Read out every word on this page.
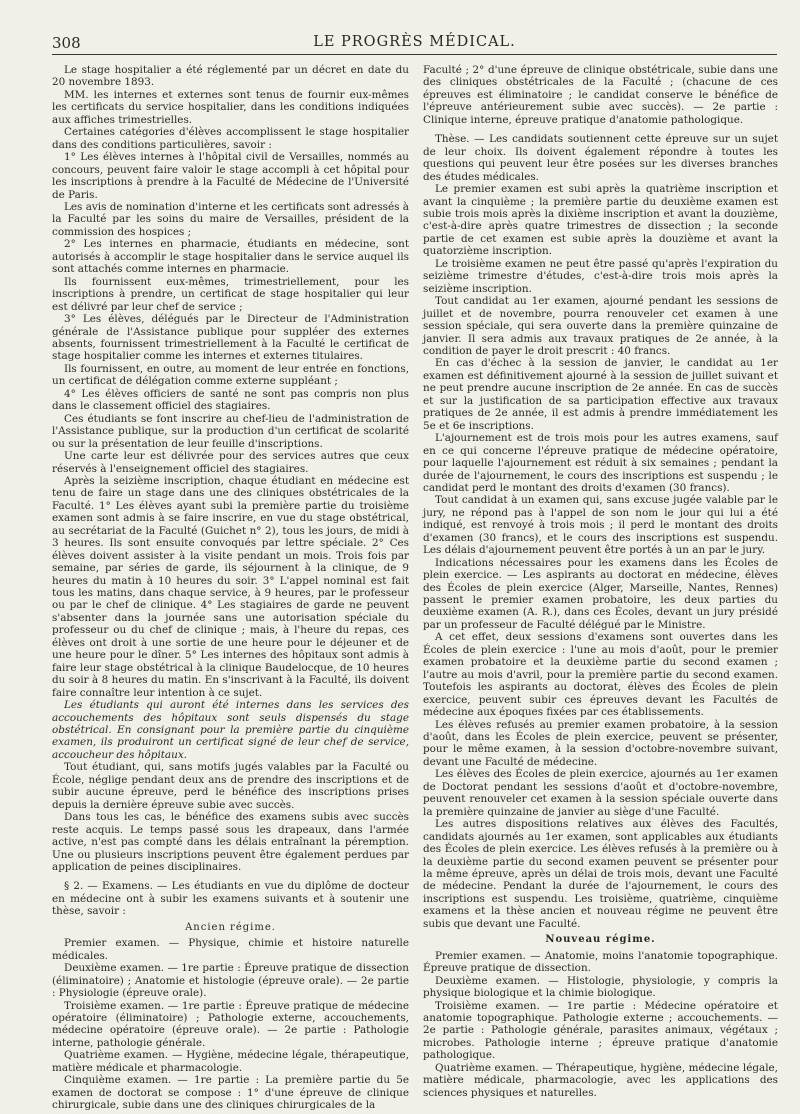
308	LE PROGRÈS MÉDICAL.

Le stage hospitalier a été réglementé par un décret en date du 20 novembre 1893.

MM. les internes et externes sont tenus de fournir eux-mêmes les certificats du service hospitalier, dans les conditions indiquées aux affiches trimestrielles.

Certaines catégories d'élèves accomplissent le stage hospitalier dans des conditions particulières, savoir :

1° Les élèves internes à l'hôpital civil de Versailles, nommés au concours, peuvent faire valoir le stage accompli à cet hôpital pour les inscriptions à prendre à la Faculté de Médecine de l'Université de Paris.

Les avis de nomination d'interne et les certificats sont adressés à la Faculté par les soins du maire de Versailles, président de la commission des hospices ;

2° Les internes en pharmacie, étudiants en médecine, sont autorisés à accomplir le stage hospitalier dans le service auquel ils sont attachés comme internes en pharmacie.

Ils fournissent eux-mêmes, trimestriellement, pour les inscriptions à prendre, un certificat de stage hospitalier qui leur est délivré par leur chef de service ;

3° Les élèves, délégués par le Directeur de l'Administration générale de l'Assistance publique pour suppléer des externes absents, fournissent trimestriellement à la Faculté le certificat de stage hospitalier comme les internes et externes titulaires.

Ils fournissent, en outre, au moment de leur entrée en fonctions, un certificat de délégation comme externe suppléant ;

4° Les élèves officiers de santé ne sont pas compris non plus dans le classement officiel des stagiaires.

Ces étudiants se font inscrire au chef-lieu de l'administration de l'Assistance publique, sur la production d'un certificat de scolarité ou sur la présentation de leur feuille d'inscriptions.

Une carte leur est délivrée pour des services autres que ceux réservés à l'enseignement officiel des stagiaires.

Après la seizième inscription, chaque étudiant en médecine est tenu de faire un stage dans une des cliniques obstétricales de la Faculté. 1° Les élèves ayant subi la première partie du troisième examen sont admis à se faire inscrire, en vue du stage obstétrical, au secrétariat de la Faculté (Guichet n° 2), tous les jours, de midi à 3 heures. Ils sont ensuite convoqués par lettre spéciale. 2° Ces élèves doivent assister à la visite pendant un mois. Trois fois par semaine, par séries de garde, ils séjournent à la clinique, de 9 heures du matin à 10 heures du soir. 3° L'appel nominal est fait tous les matins, dans chaque service, à 9 heures, par le professeur ou par le chef de clinique. 4° Les stagiaires de garde ne peuvent s'absenter dans la journée sans une autorisation spéciale du professeur ou du chef de clinique ; mais, à l'heure du repas, ces élèves ont droit à une sortie de une heure pour le déjeuner et de une heure pour le dîner. 5° Les internes des hôpitaux sont admis à faire leur stage obstétrical à la clinique Baudelocque, de 10 heures du soir à 8 heures du matin. En s'inscrivant à la Faculté, ils doivent faire connaître leur intention à ce sujet.

Les étudiants qui auront été internes dans les services des accouchements des hôpitaux sont seuls dispensés du stage obstétrical. En consignant pour la première partie du cinquième examen, ils produiront un certificat signé de leur chef de service, accoucheur des hôpitaux.

Tout étudiant, qui, sans motifs jugés valables par la Faculté ou École, néglige pendant deux ans de prendre des inscriptions et de subir aucune épreuve, perd le bénéfice des inscriptions prises depuis la dernière épreuve subie avec succès.

Dans tous les cas, le bénéfice des examens subis avec succès reste acquis. Le temps passé sous les drapeaux, dans l'armée active, n'est pas compté dans les délais entraînant la péremption. Une ou plusieurs inscriptions peuvent être également perdues par application de peines disciplinaires.

§ 2. — Examens. — Les étudiants en vue du diplôme de docteur en médecine ont à subir les examens suivants et à soutenir une thèse, savoir :

Ancien régime.

Premier examen. — Physique, chimie et histoire naturelle médicales.

Deuxième examen. — 1re partie : Épreuve pratique de dissection (éliminatoire) ; Anatomie et histologie (épreuve orale). — 2e partie : Physiologie (épreuve orale).

Troisième examen. — 1re partie : Épreuve pratique de médecine opératoire (éliminatoire) ; Pathologie externe, accouchements, médecine opératoire (épreuve orale). — 2e partie : Pathologie interne, pathologie générale.

Quatrième examen. — Hygiène, médecine légale, thérapeutique, matière médicale et pharmacologie.

Cinquième examen. — 1re partie : La première partie du 5e examen de doctorat se compose : 1° d'une épreuve de clinique chirurgicale, subie dans une des cliniques chirurgicales de la

Faculté ; 2° d'une épreuve de clinique obstétricale, subie dans une des cliniques obstétricales de la Faculté ; (chacune de ces épreuves est éliminatoire ; le candidat conserve le bénéfice de l'épreuve antérieurement subie avec succès). — 2e partie : Clinique interne, épreuve pratique d'anatomie pathologique.

Thèse. — Les candidats soutiennent cette épreuve sur un sujet de leur choix. Ils doivent également répondre à toutes les questions qui peuvent leur être posées sur les diverses branches des études médicales.

Le premier examen est subi après la quatrième inscription et avant la cinquième ; la première partie du deuxième examen est subie trois mois après la dixième inscription et avant la douzième, c'est-à-dire après quatre trimestres de dissection ; la seconde partie de cet examen est subie après la douzième et avant la quatorzième inscription.

Le troisième examen ne peut être passé qu'après l'expiration du seizième trimestre d'études, c'est-à-dire trois mois après la seizième inscription.

Tout candidat au 1er examen, ajourné pendant les sessions de juillet et de novembre, pourra renouveler cet examen à une session spéciale, qui sera ouverte dans la première quinzaine de janvier. Il sera admis aux travaux pratiques de 2e année, à la condition de payer le droit prescrit : 40 francs.

En cas d'échec à la session de janvier, le candidat au 1er examen est définitivement ajourné à la session de juillet suivant et ne peut prendre aucune inscription de 2e année. En cas de succès et sur la justification de sa participation effective aux travaux pratiques de 2e année, il est admis à prendre immédiatement les 5e et 6e inscriptions.

L'ajournement est de trois mois pour les autres examens, sauf en ce qui concerne l'épreuve pratique de médecine opératoire, pour laquelle l'ajournement est réduit à six semaines ; pendant la durée de l'ajournement, le cours des inscriptions est suspendu ; le candidat perd le montant des droits d'examen (30 francs).

Tout candidat à un examen qui, sans excuse jugée valable par le jury, ne répond pas à l'appel de son nom le jour qui lui a été indiqué, est renvoyé à trois mois ; il perd le montant des droits d'examen (30 francs), et le cours des inscriptions est suspendu. Les délais d'ajournement peuvent être portés à un an par le jury.

Indications nécessaires pour les examens dans les Écoles de plein exercice. — Les aspirants au doctorat en médecine, élèves des Écoles de plein exercice (Alger, Marseille, Nantes, Rennes) passent le premier examen probatoire, les deux parties du deuxième examen (A. R.), dans ces Écoles, devant un jury présidé par un professeur de Faculté délégué par le Ministre.

A cet effet, deux sessions d'examens sont ouvertes dans les Écoles de plein exercice : l'une au mois d'août, pour le premier examen probatoire et la deuxième partie du second examen ; l'autre au mois d'avril, pour la première partie du second examen. Toutefois les aspirants au doctorat, élèves des Écoles de plein exercice, peuvent subir ces épreuves devant les Facultés de médecine aux époques fixées par ces établissements.

Les élèves refusés au premier examen probatoire, à la session d'août, dans les Écoles de plein exercice, peuvent se présenter, pour le même examen, à la session d'octobre-novembre suivant, devant une Faculté de médecine.

Les élèves des Écoles de plein exercice, ajournés au 1er examen de Doctorat pendant les sessions d'août et d'octobre-novembre, peuvent renouveler cet examen à la session spéciale ouverte dans la première quinzaine de janvier au siège d'une Faculté.

Les autres dispositions relatives aux élèves des Facultés, candidats ajournés au 1er examen, sont applicables aux étudiants des Écoles de plein exercice. Les élèves refusés à la première ou à la deuxième partie du second examen peuvent se présenter pour la même épreuve, après un délai de trois mois, devant une Faculté de médecine. Pendant la durée de l'ajournement, le cours des inscriptions est suspendu. Les troisième, quatrième, cinquième examens et la thèse ancien et nouveau régime ne peuvent être subis que devant une Faculté.

Nouveau régime.

Premier examen. — Anatomie, moins l'anatomie topographique. Épreuve pratique de dissection.

Deuxième examen. — Histologie, physiologie, y compris la physique biologique et la chimie biologique.

Troisième examen. — 1re partie : Médecine opératoire et anatomie topographique. Pathologie externe ; accouchements. — 2e partie : Pathologie générale, parasites animaux, végétaux ; microbes. Pathologie interne ; épreuve pratique d'anatomie pathologique.

Quatrième examen. — Thérapeutique, hygiène, médecine légale, matière médicale, pharmacologie, avec les applications des sciences physiques et naturelles.
